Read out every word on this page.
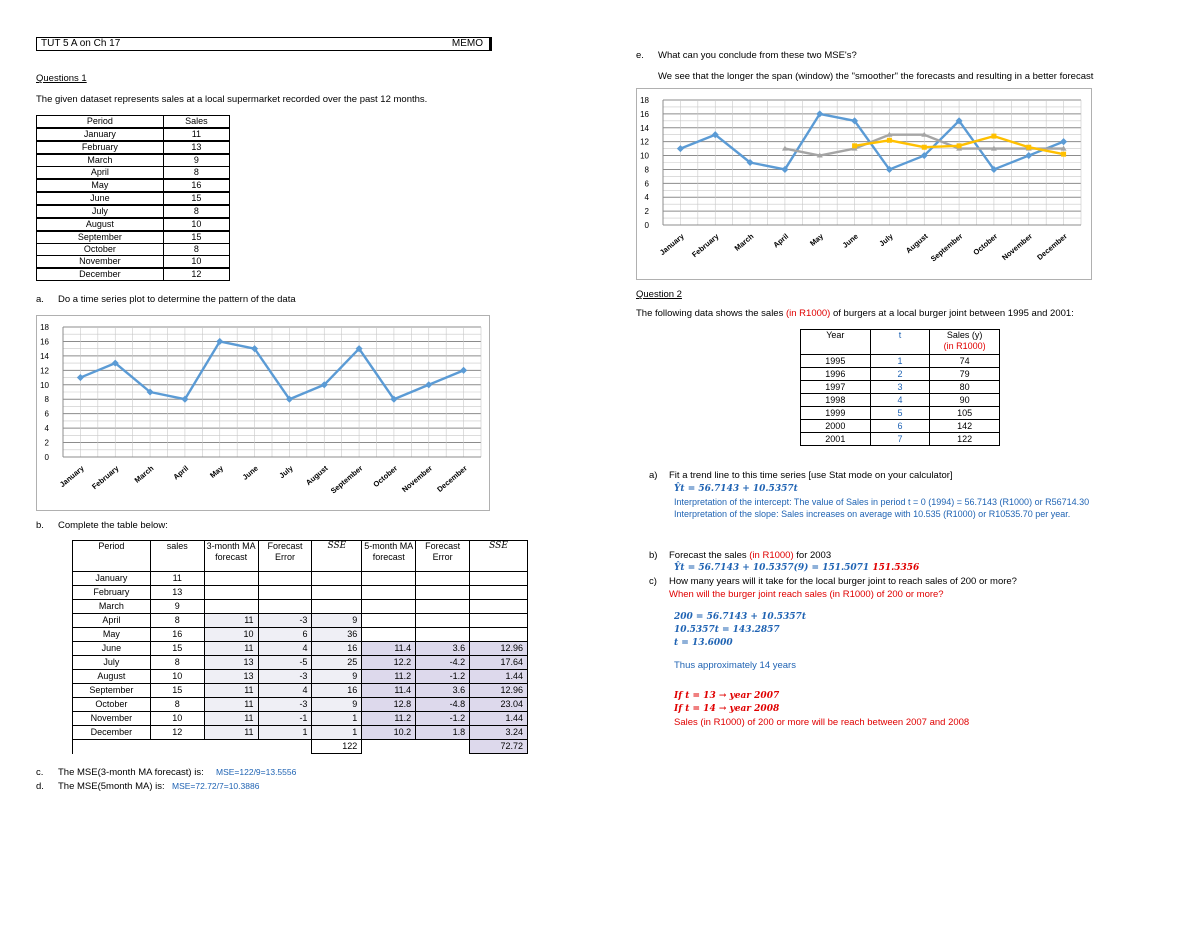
TUT 5 A on Ch 17	MEMO
Questions 1
The given dataset represents sales at a local supermarket recorded over the past 12 months.
Period	Sales
January	11
February	13
March	9
April	8
May	16
June	15
July	8
August	10
September	15
October	8
November	10
December	12
a. Do a time series plot to determine the pattern of the data
0
2
4
6
8
10
12
14
16
18
January February March April May June July August September October November December
b. Complete the table below:
Period	sales	3-month MA forecast	Forecast Error	SSE	5-month MA forecast	Forecast Error	SSE
January	11						
February	13						
March	9						
April	8	11	-3	9			
May	16	10	6	36			
June	15	11	4	16	11.4	3.6	12.96
July	8	13	-5	25	12.2	-4.2	17.64
August	10	13	-3	9	11.2	-1.2	1.44
September	15	11	4	16	11.4	3.6	12.96
October	8	11	-3	9	12.8	-4.8	23.04
November	10	11	-1	1	11.2	-1.2	1.44
December	12	11	1	1	10.2	1.8	3.24
				122			72.72
c. The MSE(3-month MA forecast) is: MSE=122/9=13.5556
d. The MSE(5month MA) is: MSE=72.72/7=10.3886
e. What can you conclude from these two MSE's?
We see that the longer the span (window) the "smoother" the forecasts and resulting in a better forecast
0
2
4
6
8
10
12
14
16
18
January February March April May June July August September October November December
Question 2
The following data shows the sales (in R1000) of burgers at a local burger joint between 1995 and 2001:
Year	t	Sales (y)
(in R1000)

1995	1	74
1996	2	79
1997	3	80
1998	4	90
1999	5	105
2000	6	142
2001	7	122
a) Fit a trend line to this time series [use Stat mode on your calculator]
Ŷt = 56.7143 + 10.5357t
Interpretation of the intercept: The value of Sales in period t = 0 (1994) = 56.7143 (R1000) or R56714.30
Interpretation of the slope: Sales increases on average with 10.535 (R1000) or R10535.70 per year.
b) Forecast the sales (in R1000) for 2003
Ŷt = 56.7143 + 10.5357(9) = 151.5071 151.5356
c) How many years will it take for the local burger joint to reach sales of 200 or more?
When will the burger joint reach sales (in R1000) of 200 or more?
200 = 56.7143 + 10.5357t
10.5357t = 143.2857
t = 13.6000
Thus approximately 14 years
If t = 13 → year 2007
If t = 14 → year 2008
Sales (in R1000) of 200 or more will be reach between 2007 and 2008
